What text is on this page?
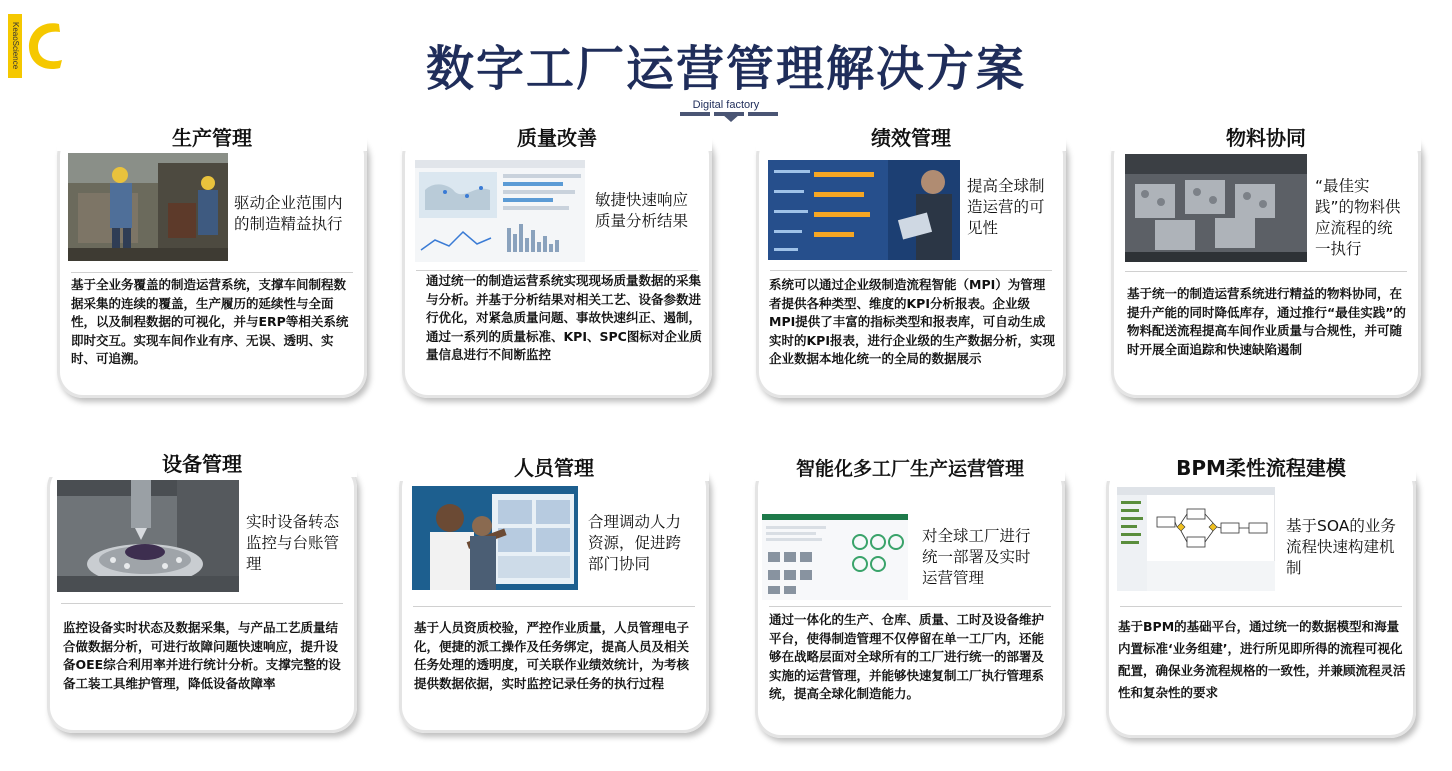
KeaoScience	数字工厂运营管理解决方案
Digital factory
生产管理
驱动企业范围内的制造精益执行
基于全业务覆盖的制造运营系统，支撑车间制程数据采集的连续的覆盖，生产履历的延续性与全面性，以及制程数据的可视化，并与ERP等相关系统即时交互。实现车间作业有序、无误、透明、实时、可追溯。
质量改善
敏捷快速响应质量分析结果
通过统一的制造运营系统实现现场质量数据的采集与分析。并基于分析结果对相关工艺、设备参数进行优化，对紧急质量问题、事故快速纠正、遏制，通过一系列的质量标准、KPI、SPC图标对企业质量信息进行不间断监控
绩效管理
提高全球制造运营的可见性
系统可以通过企业级制造流程智能（MPI）为管理者提供各种类型、维度的KPI分析报表。企业级MPI提供了丰富的指标类型和报表库，可自动生成实时的KPI报表，进行企业级的生产数据分析，实现企业数据本地化统一的全局的数据展示
物料协同
“最佳实践”的物料供应流程的统一执行
基于统一的制造运营系统进行精益的物料协同，在提升产能的同时降低库存，通过推行“最佳实践”的物料配送流程提高车间作业质量与合规性，并可随时开展全面追踪和快速缺陷遏制
设备管理
实时设备转态监控与台账管理
监控设备实时状态及数据采集，与产品工艺质量结合做数据分析，可进行故障问题快速响应，提升设备OEE综合利用率并进行统计分析。支撑完整的设备工装工具维护管理，降低设备故障率
人员管理
合理调动人力资源，促进跨部门协同
基于人员资质校验，严控作业质量，人员管理电子化，便捷的派工操作及任务绑定，提高人员及相关任务处理的透明度，可关联作业绩效统计，为考核提供数据依据，实时监控记录任务的执行过程
智能化多工厂生产运营管理
对全球工厂进行统一部署及实时运营管理
通过一体化的生产、仓库、质量、工时及设备维护平台，使得制造管理不仅停留在单一工厂内，还能够在战略层面对全球所有的工厂进行统一的部署及实施的运营管理，并能够快速复制工厂执行管理系统，提高全球化制造能力。
BPM柔性流程建模
基于SOA的业务流程快速构建机制
基于BPM的基础平台，通过统一的数据模型和海量内置标准‘业务组建’，进行所见即所得的流程可视化配置，确保业务流程规格的一致性，并兼顾流程灵活性和复杂性的要求
